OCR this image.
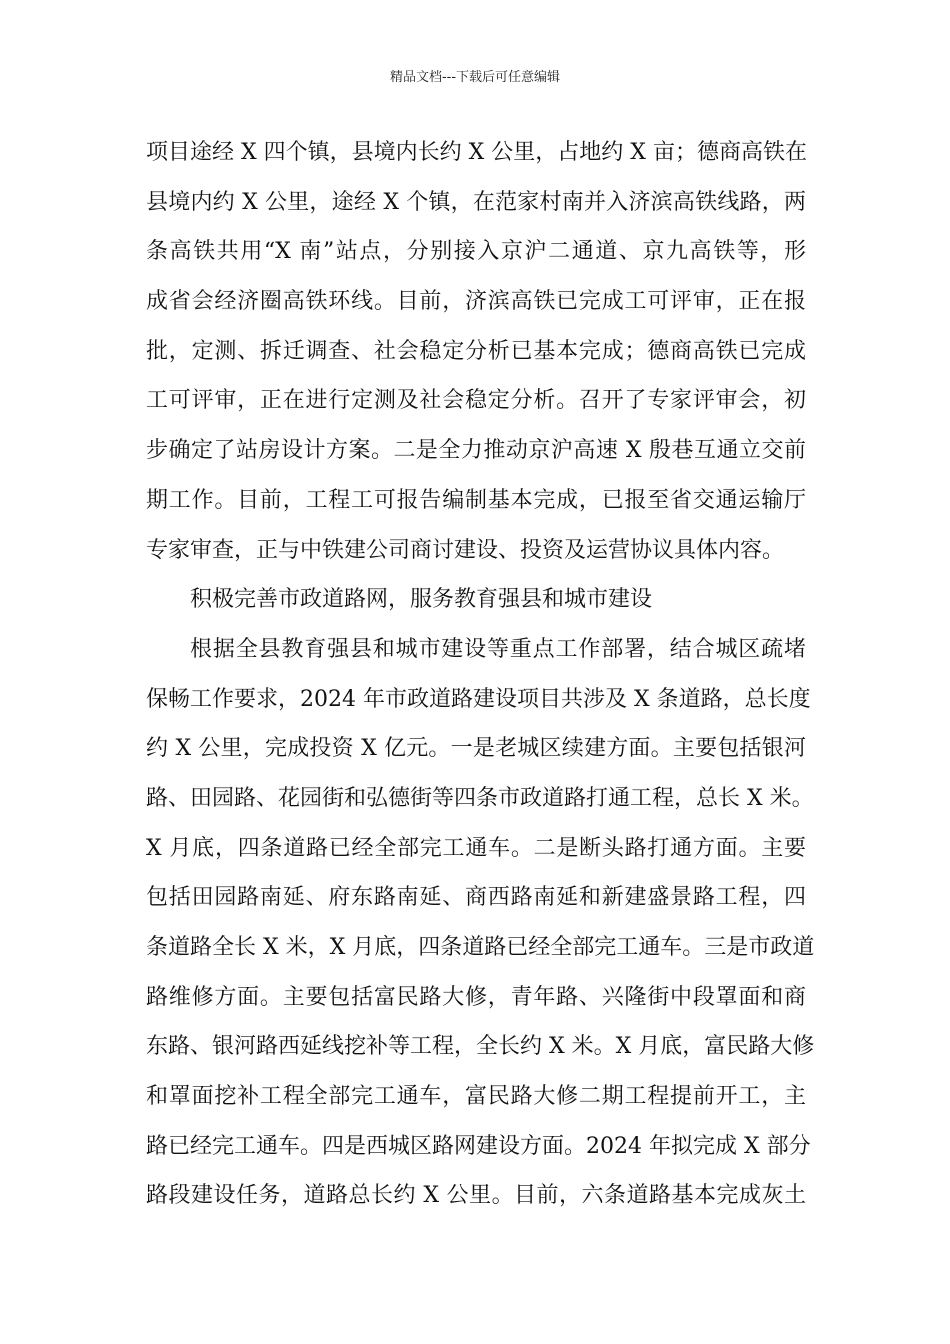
精品文档---下载后可任意编辑
项目途经 X 四个镇，县境内长约 X 公里，占地约 X 亩；德商高铁在
县境内约 X 公里，途经 X 个镇，在范家村南并入济滨高铁线路，两
条高铁共用“X 南”站点，分别接入京沪二通道、京九高铁等，形
成省会经济圈高铁环线。目前，济滨高铁已完成工可评审，正在报
批，定测、拆迁调查、社会稳定分析已基本完成；德商高铁已完成
工可评审，正在进行定测及社会稳定分析。召开了专家评审会，初
步确定了站房设计方案。二是全力推动京沪高速 X 殷巷互通立交前
期工作。目前，工程工可报告编制基本完成，已报至省交通运输厅
专家审查，正与中铁建公司商讨建设、投资及运营协议具体内容。
积极完善市政道路网，服务教育强县和城市建设
根据全县教育强县和城市建设等重点工作部署，结合城区疏堵
保畅工作要求，2024 年市政道路建设项目共涉及 X 条道路，总长度
约 X 公里，完成投资 X 亿元。一是老城区续建方面。主要包括银河
路、田园路、花园街和弘德街等四条市政道路打通工程，总长 X 米。
X 月底，四条道路已经全部完工通车。二是断头路打通方面。主要
包括田园路南延、府东路南延、商西路南延和新建盛景路工程，四
条道路全长 X 米，X 月底，四条道路已经全部完工通车。三是市政道
路维修方面。主要包括富民路大修，青年路、兴隆街中段罩面和商
东路、银河路西延线挖补等工程，全长约 X 米。X 月底，富民路大修
和罩面挖补工程全部完工通车，富民路大修二期工程提前开工，主
路已经完工通车。四是西城区路网建设方面。2024 年拟完成 X 部分
路段建设任务，道路总长约 X 公里。目前，六条道路基本完成灰土
